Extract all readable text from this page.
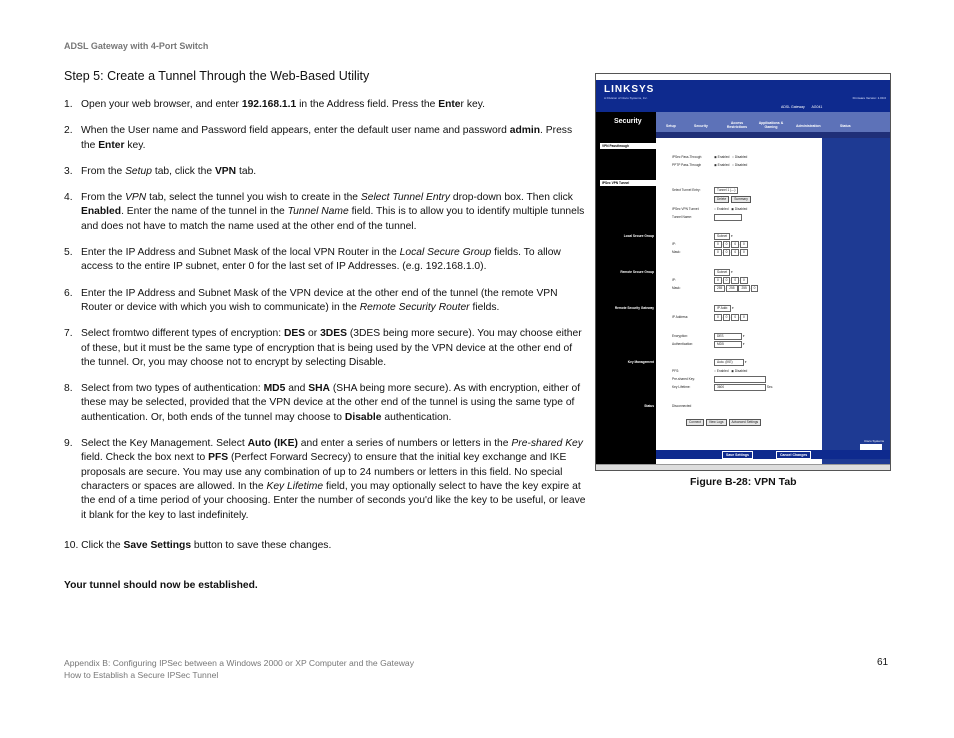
ADSL Gateway with 4-Port Switch
Step 5: Create a Tunnel Through the Web-Based Utility
1. Open your web browser, and enter 192.168.1.1 in the Address field. Press the Enter key.
2. When the User name and Password field appears, enter the default user name and password admin. Press the Enter key.
3. From the Setup tab, click the VPN tab.
4. From the VPN tab, select the tunnel you wish to create in the Select Tunnel Entry drop-down box. Then click Enabled. Enter the name of the tunnel in the Tunnel Name field. This is to allow you to identify multiple tunnels and does not have to match the name used at the other end of the tunnel.
5. Enter the IP Address and Subnet Mask of the local VPN Router in the Local Secure Group fields. To allow access to the entire IP subnet, enter 0 for the last set of IP Addresses. (e.g. 192.168.1.0).
6. Enter the IP Address and Subnet Mask of the VPN device at the other end of the tunnel (the remote VPN Router or device with which you wish to communicate) in the Remote Security Router fields.
7. Select fromtwo different types of encryption: DES or 3DES (3DES being more secure). You may choose either of these, but it must be the same type of encryption that is being used by the VPN device at the other end of the tunnel. Or, you may choose not to encrypt by selecting Disable.
8. Select from two types of authentication: MD5 and SHA (SHA being more secure). As with encryption, either of these may be selected, provided that the VPN device at the other end of the tunnel is using the same type of authentication. Or, both ends of the tunnel may choose to Disable authentication.
9. Select the Key Management. Select Auto (IKE) and enter a series of numbers or letters in the Pre-shared Key field. Check the box next to PFS (Perfect Forward Secrecy) to ensure that the initial key exchange and IKE proposals are secure. You may use any combination of up to 24 numbers or letters in this field. No special characters or spaces are allowed. In the Key Lifetime field, you may optionally select to have the key expire at the end of a time period of your choosing. Enter the number of seconds you'd like the key to be useful, or leave it blank for the key to last indefinitely.
10. Click the Save Settings button to save these changes.
Your tunnel should now be established.
Appendix B: Configuring IPSec between a Windows 2000 or XP Computer and the Gateway
How to Establish a Secure IPSec Tunnel
61
LINKSYS
A Division of Cisco Systems, Inc.	Firmware Version: 1.00.0
ADSL Gateway AG041
Security
Setup	Security
Access Restrictions
Applications & Gaming	Administration	Status
VPN Passthrough
IPSec VPN Tunnel
Local Secure Group
Remote Secure Group
Remote Security Gateway
Key Management
Status
IPSec Pass-Through	◉ Enabled   ○ Disabled
PPTP Pass-Through	◉ Enabled   ○ Disabled
Select Tunnel Entry:	Tunnel 1 (---)
Delete	Summary
IPSec VPN Tunnel:	○ Enabled   ◉ Disabled
Tunnel Name:
Subnet ▾
IP:	0 0 0 0
Mask:	0 0 0 0
Subnet ▾
IP:	0 0 0 0
Mask:	255 255 255 0
IP Addr. ▾
IP Address:	0 0 0 0
Encryption:	DES	▾
Authentication:	MD5	▾
Auto. (IKE)	▾
PFS:	○ Enabled   ◉ Disabled
Pre-shared Key:
Key Lifetime:	3600	Sec.
Disconnected
Connect	View Logs	Advanced Settings
Cisco Systems
Save Settings	Cancel Changes
Figure B-28: VPN Tab
